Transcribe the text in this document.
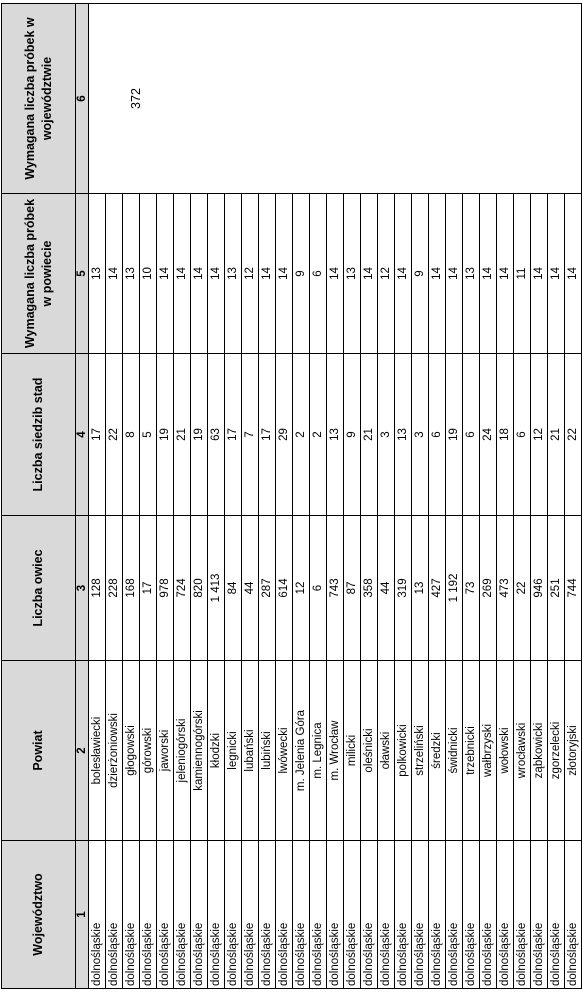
Województwo	Powiat	Liczba owiec	Liczba siedzib stad	Wymagana liczba próbek w powiecie	Wymagana liczba próbek w województwie
1	2	3	4	5	6
dolnośląskie	bolesławiecki	128	17	13	372
dolnośląskie	dzierżoniowski	228	22	14	
dolnośląskie	głogowski	168	8	13	
dolnośląskie	górowski	17	5	10	
dolnośląskie	jaworski	978	19	14	
dolnośląskie	jeleniogórski	724	21	14	
dolnośląskie	kamiennogórski	820	19	14	
dolnośląskie	kłodzki	1 413	63	14	
dolnośląskie	legnicki	84	17	13	
dolnośląskie	lubański	44	7	12	
dolnośląskie	lubiński	287	17	14	
dolnośląskie	lwówecki	614	29	14	
dolnośląskie	m. Jelenia Góra	12	2	9	
dolnośląskie	m. Legnica	6	2	6	
dolnośląskie	m. Wrocław	743	13	14	
dolnośląskie	milicki	87	9	13	
dolnośląskie	oleśnicki	358	21	14	
dolnośląskie	oławski	44	3	12	
dolnośląskie	polkowicki	319	13	14	
dolnośląskie	strzeliński	13	3	9	
dolnośląskie	średzki	427	6	14	
dolnośląskie	świdnicki	1 192	19	14	
dolnośląskie	trzebnicki	73	6	13	
dolnośląskie	wałbrzyski	269	24	14	
dolnośląskie	wołowski	473	18	14	
dolnośląskie	wrocławski	22	6	11	
dolnośląskie	ząbkowicki	946	12	14	
dolnośląskie	zgorzelecki	251	21	14	
dolnośląskie	złotoryjski	744	22	14	
